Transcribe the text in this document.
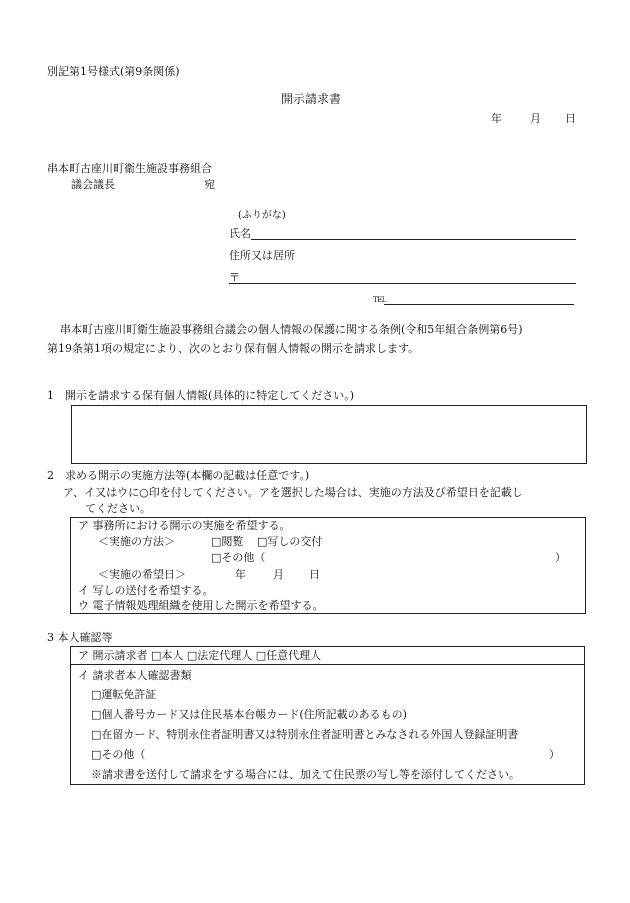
別記第1号様式(第9条関係)
開示請求書
年	月 日
串本町古座川町衛生施設事務組合
議会議長	宛
(ふりがな)
氏名
住所又は居所
〒
TEL
串本町古座川町衛生施設事務組合議会の個人情報の保護に関する条例(令和5年組合条例第6号)
第19条第1項の規定により、次のとおり保有個人情報の開示を請求します。
1　開示を請求する保有個人情報(具体的に特定してください。)
2　求める開示の実施方法等(本欄の記載は任意です。)
ア、イ又はウに○印を付してください。アを選択した場合は、実施の方法及び希望日を記載し
てください。
ア 事務所における開示の実施を希望する。
＜実施の方法＞	□閲覧 □写しの交付
□その他（	）
＜実施の希望日＞	年 月 日
イ 写しの送付を希望する。
ウ 電子情報処理組織を使用した開示を希望する。
3 本人確認等
ア 開示請求者 □本人 □法定代理人 □任意代理人
イ 請求者本人確認書類
□運転免許証
□個人番号カード又は住民基本台帳カード(住所記載のあるもの)
□在留カード、特別永住者証明書又は特別永住者証明書とみなされる外国人登録証明書
□その他（	）
※請求書を送付して請求をする場合には、加えて住民票の写し等を添付してください。
